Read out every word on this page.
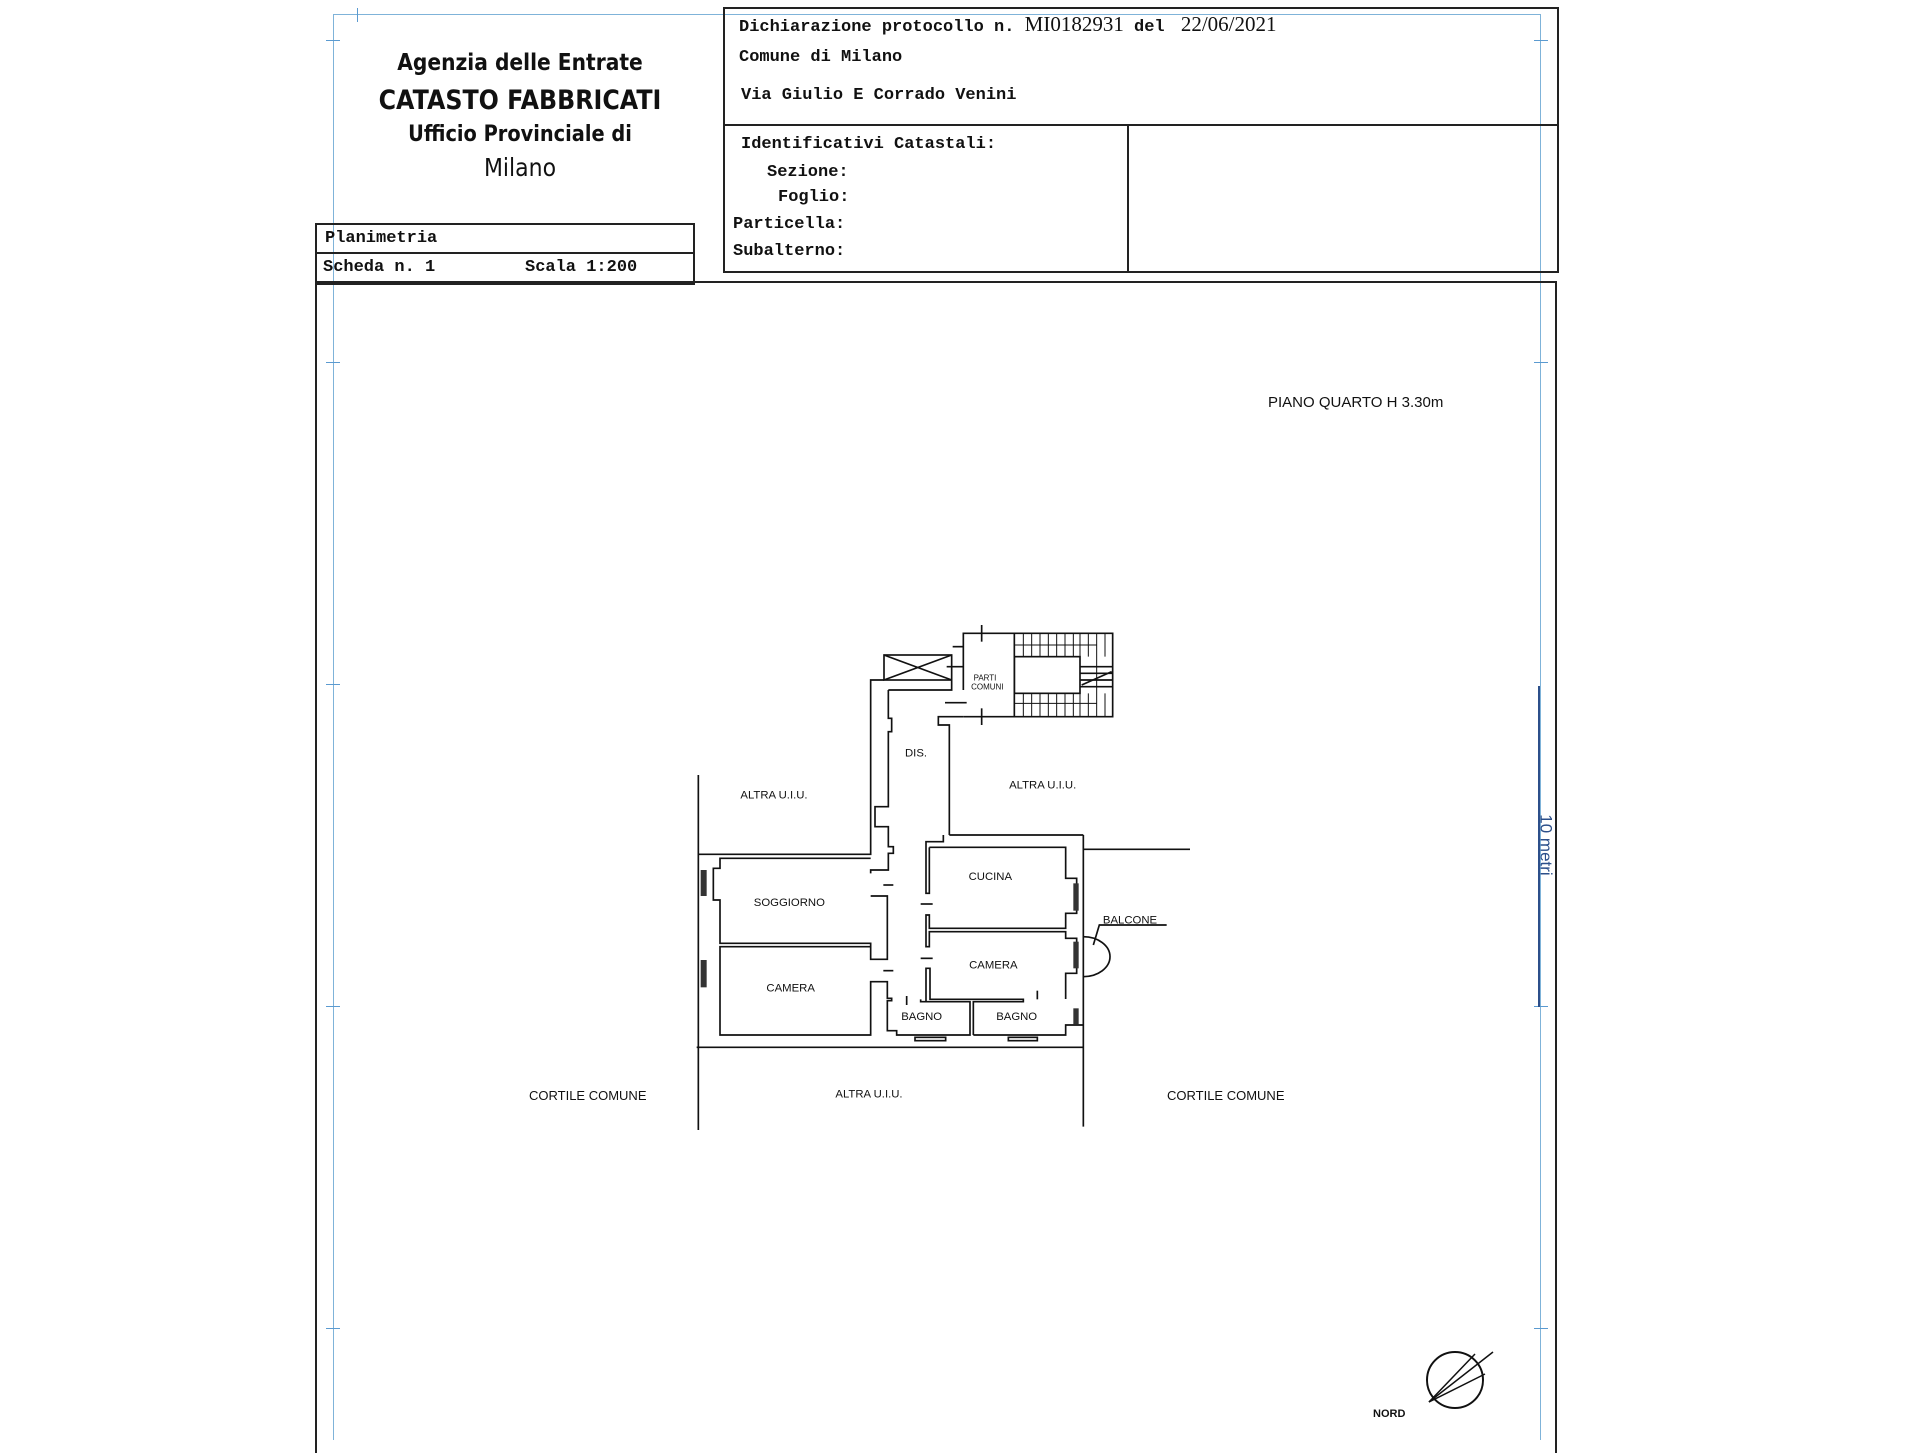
Agenzia delle Entrate
CATASTO FABBRICATI
Ufficio Provinciale di
Milano
Dichiarazione protocollo n. MI0182931 del 22/06/2021
Comune di Milano
Via Giulio E Corrado Venini
Identificativi Catastali:
Sezione:
Foglio:
Particella:
Subalterno:
Planimetria
Scheda n. 1	Scala 1:200
PIANO QUARTO H 3.30m
10 metri
PARTI
COMUNI
DIS.
SOGGIORNO
CAMERA
CUCINA
CAMERA
BAGNO BAGNO
BALCONE
ALTRA U.I.U.
ALTRA U.I.U.
ALTRA U.I.U.
CORTILE COMUNE	CORTILE COMUNE
NORD
